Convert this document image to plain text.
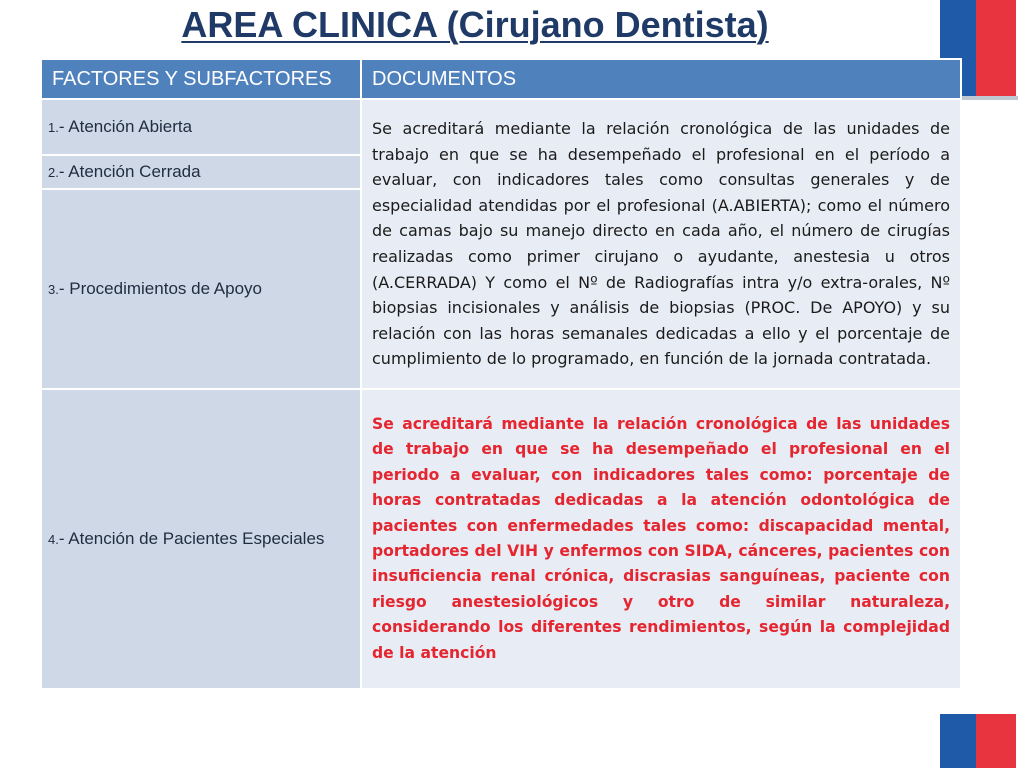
AREA CLINICA (Cirujano Dentista)
FACTORES Y SUBFACTORES	DOCUMENTOS
1.- Atención Abierta	Se acreditará mediante la relación cronológica de las unidades de trabajo en que se ha desempeñado el profesional en el período a evaluar, con indicadores tales como consultas generales y de especialidad atendidas por el profesional (A.ABIERTA); como el número de camas bajo su manejo directo en cada año, el número de cirugías realizadas como primer cirujano o ayudante, anestesia u otros (A.CERRADA) Y como el Nº de Radiografías intra y/o extra-orales, Nº biopsias incisionales y análisis de biopsias (PROC. De APOYO) y su relación con las horas semanales dedicadas a ello y el porcentaje de cumplimiento de lo programado, en función de la jornada contratada.
2.- Atención Cerrada	
3.- Procedimientos de Apoyo	
4.- Atención de Pacientes Especiales	Se acreditará mediante la relación cronológica de las unidades de trabajo en que se ha desempeñado el profesional en el periodo a evaluar, con indicadores tales como: porcentaje de horas contratadas dedicadas a la atención odontológica de pacientes con enfermedades tales como: discapacidad mental, portadores del VIH y enfermos con SIDA, cánceres, pacientes con insuficiencia renal crónica, discrasias sanguíneas, paciente con riesgo anestesiológicos y otro de similar naturaleza, considerando los diferentes rendimientos, según la complejidad de la atención
